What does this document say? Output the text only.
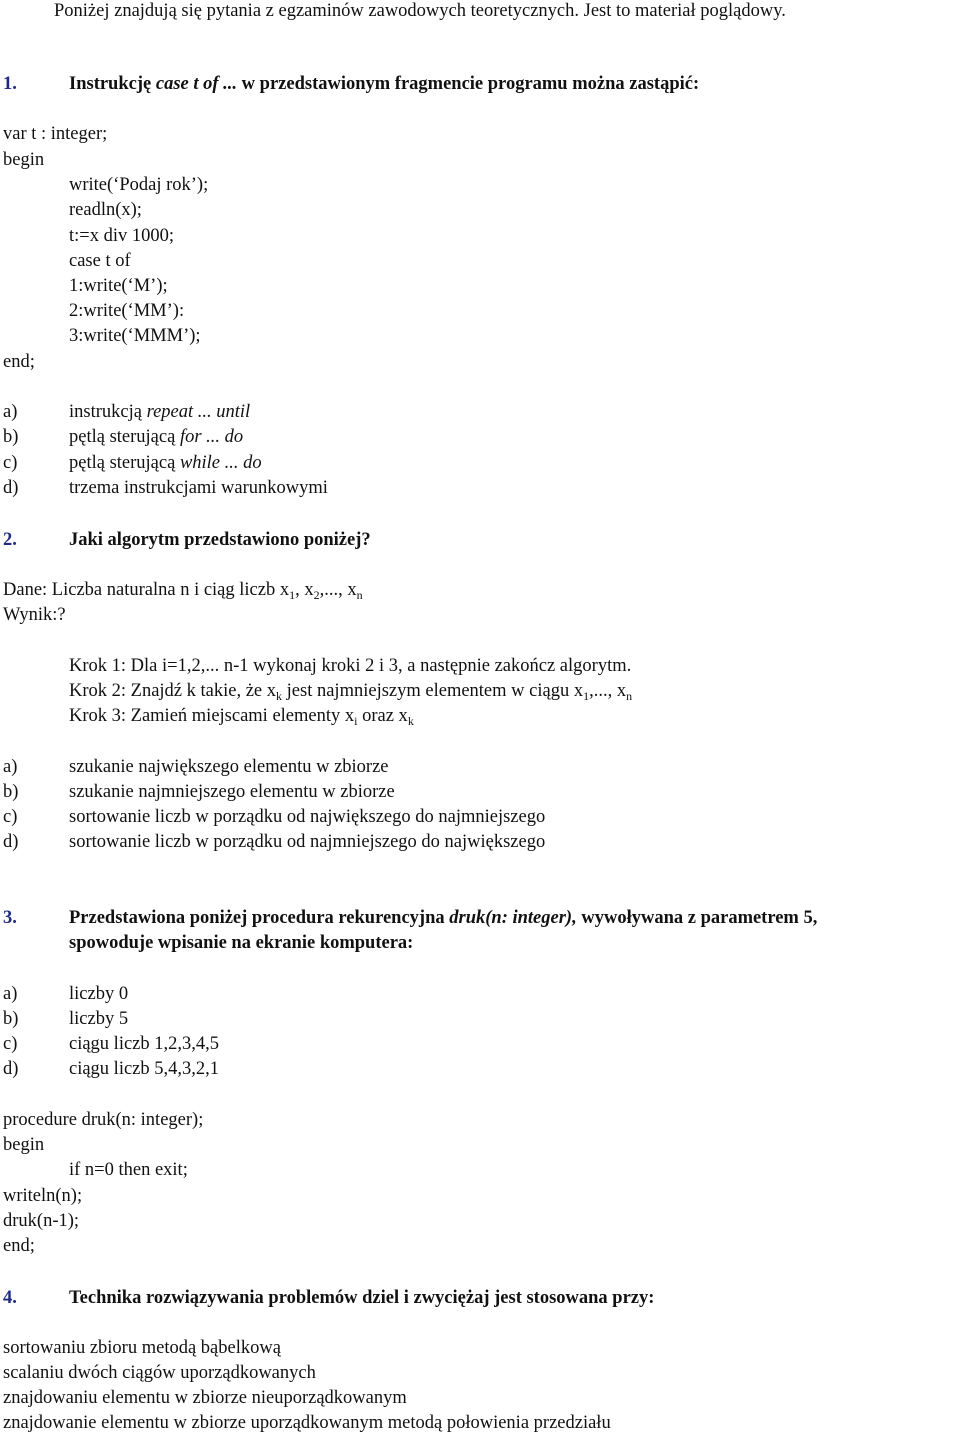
Poniżej znajdują się pytania z egzaminów zawodowych teoretycznych. Jest to materiał poglądowy.
1.	Instrukcję case t of ... w przedstawionym fragmencie programu można zastąpić:
var t : integer;
begin
write(‘Podaj rok’);
readln(x);
t:=x div 1000;
case t of
1:write(‘M’);
2:write(‘MM’):
3:write(‘MMM’);
end;
a)	instrukcją repeat ... until
b)	pętlą sterującą for ... do
c)	pętlą sterującą while ... do
d)	trzema instrukcjami warunkowymi
2.	Jaki algorytm przedstawiono poniżej?
Dane: Liczba naturalna n i ciąg liczb $x_1$, $x_2$,..., $x_n$
Wynik:?
Krok 1: Dla i=1,2,... n-1 wykonaj kroki 2 i 3, a następnie zakończ algorytm.
Krok 2: Znajdź k takie, że $x_k$ jest najmniejszym elementem w ciągu $x_1$,..., $x_n$
Krok 3: Zamień miejscami elementy $x_i$ oraz $x_k$
a)	szukanie największego elementu w zbiorze
b)	szukanie najmniejszego elementu w zbiorze
c)	sortowanie liczb w porządku od największego do najmniejszego
d)	sortowanie liczb w porządku od najmniejszego do największego
3.	Przedstawiona poniżej procedura rekurencyjna druk(n: integer), wywoływana z parametrem 5,
spowoduje wpisanie na ekranie komputera:
a)	liczby 0
b)	liczby 5
c)	ciągu liczb 1,2,3,4,5
d)	ciągu liczb 5,4,3,2,1
procedure druk(n: integer);
begin
if n=0 then exit;
writeln(n);
druk(n-1);
end;
4.	Technika rozwiązywania problemów dziel i zwyciężaj jest stosowana przy:
sortowaniu zbioru metodą bąbelkową
scalaniu dwóch ciągów uporządkowanych
znajdowaniu elementu w zbiorze nieuporządkowanym
znajdowanie elementu w zbiorze uporządkowanym metodą połowienia przedziału
